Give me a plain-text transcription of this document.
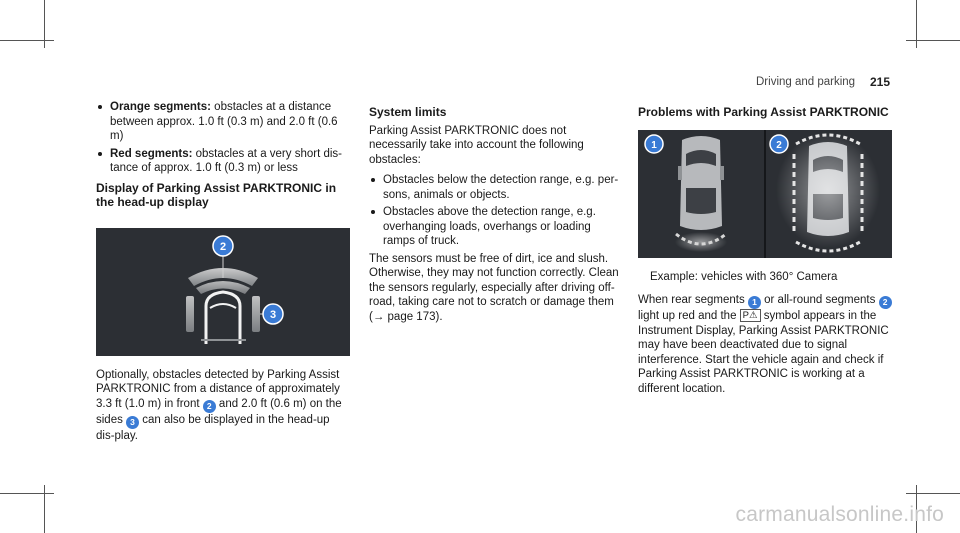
Driving and parking 215
Orange segments: obstacles at a distance between approx. 1.0 ft (0.3 m) and 2.0 ft (0.6 m)
Red segments: obstacles at a very short dis-tance of approx. 1.0 ft (0.3 m) or less
Display of Parking Assist PARKTRONIC in the head-up display
2
3

Optionally, obstacles detected by Parking Assist PARKTRONIC from a distance of approximately 3.3 ft (1.0 m) in front 2 and 2.0 ft (0.6 m) on the sides 3 can also be displayed in the head-up dis-play.

System limits

Parking Assist PARKTRONIC does not necessarily take into account the following obstacles:

Obstacles below the detection range, e.g. per-sons, animals or objects.
Obstacles above the detection range, e.g. overhanging loads, overhangs or loading ramps of truck.

The sensors must be free of dirt, ice and slush. Otherwise, they may not function correctly. Clean the sensors regularly, especially after driving off-road, taking care not to scratch or damage them (→ page 173).

Problems with Parking Assist PARKTRONIC
1	2

Example: vehicles with 360° Camera

When rear segments 1 or all-round segments 2 light up red and the P⚠ symbol appears in the Instrument Display, Parking Assist PARKTRONIC may have been deactivated due to signal interference. Start the vehicle again and check if Parking Assist PARKTRONIC is working at a different location.

carmanualsonline.info
